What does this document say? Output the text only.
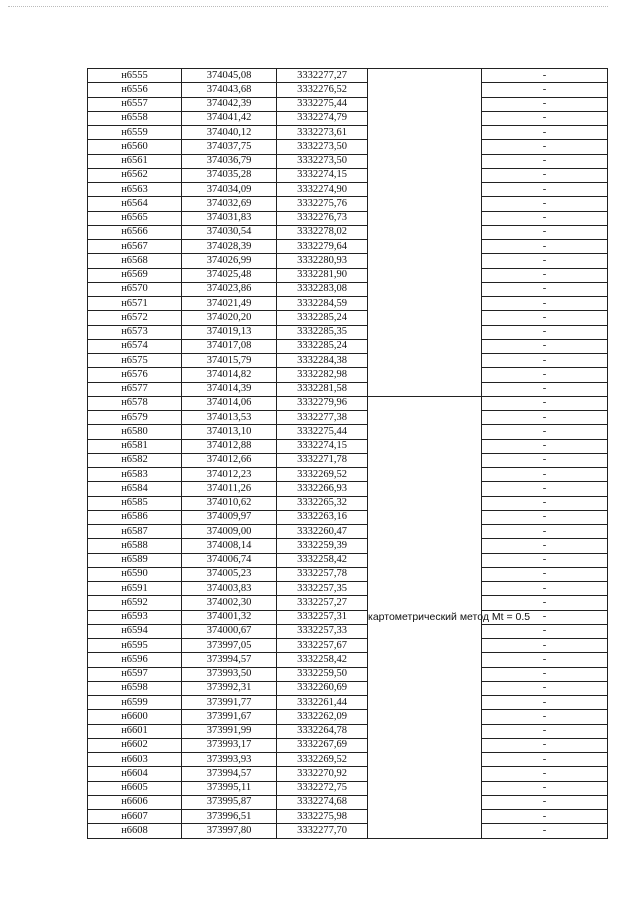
н6555	374045,08	3332277,27		-
н6556	374043,68	3332276,52		-
н6557	374042,39	3332275,44		-
н6558	374041,42	3332274,79		-
н6559	374040,12	3332273,61		-
н6560	374037,75	3332273,50		-
н6561	374036,79	3332273,50		-
н6562	374035,28	3332274,15		-
н6563	374034,09	3332274,90		-
н6564	374032,69	3332275,76		-
н6565	374031,83	3332276,73		-
н6566	374030,54	3332278,02		-
н6567	374028,39	3332279,64		-
н6568	374026,99	3332280,93		-
н6569	374025,48	3332281,90		-
н6570	374023,86	3332283,08		-
н6571	374021,49	3332284,59		-
н6572	374020,20	3332285,24		-
н6573	374019,13	3332285,35		-
н6574	374017,08	3332285,24		-
н6575	374015,79	3332284,38		-
н6576	374014,82	3332282,98		-
н6577	374014,39	3332281,58		-
н6578	374014,06	3332279,96	картометрический метод Mt = 0.5	-
н6579	374013,53	3332277,38		-
н6580	374013,10	3332275,44		-
н6581	374012,88	3332274,15		-
н6582	374012,66	3332271,78		-
н6583	374012,23	3332269,52		-
н6584	374011,26	3332266,93		-
н6585	374010,62	3332265,32		-
н6586	374009,97	3332263,16		-
н6587	374009,00	3332260,47		-
н6588	374008,14	3332259,39		-
н6589	374006,74	3332258,42		-
н6590	374005,23	3332257,78		-
н6591	374003,83	3332257,35		-
н6592	374002,30	3332257,27		-
н6593	374001,32	3332257,31		-
н6594	374000,67	3332257,33		-
н6595	373997,05	3332257,67		-
н6596	373994,57	3332258,42		-
н6597	373993,50	3332259,50		-
н6598	373992,31	3332260,69		-
н6599	373991,77	3332261,44		-
н6600	373991,67	3332262,09		-
н6601	373991,99	3332264,78		-
н6602	373993,17	3332267,69		-
н6603	373993,93	3332269,52		-
н6604	373994,57	3332270,92		-
н6605	373995,11	3332272,75		-
н6606	373995,87	3332274,68		-
н6607	373996,51	3332275,98		-
н6608	373997,80	3332277,70		-
